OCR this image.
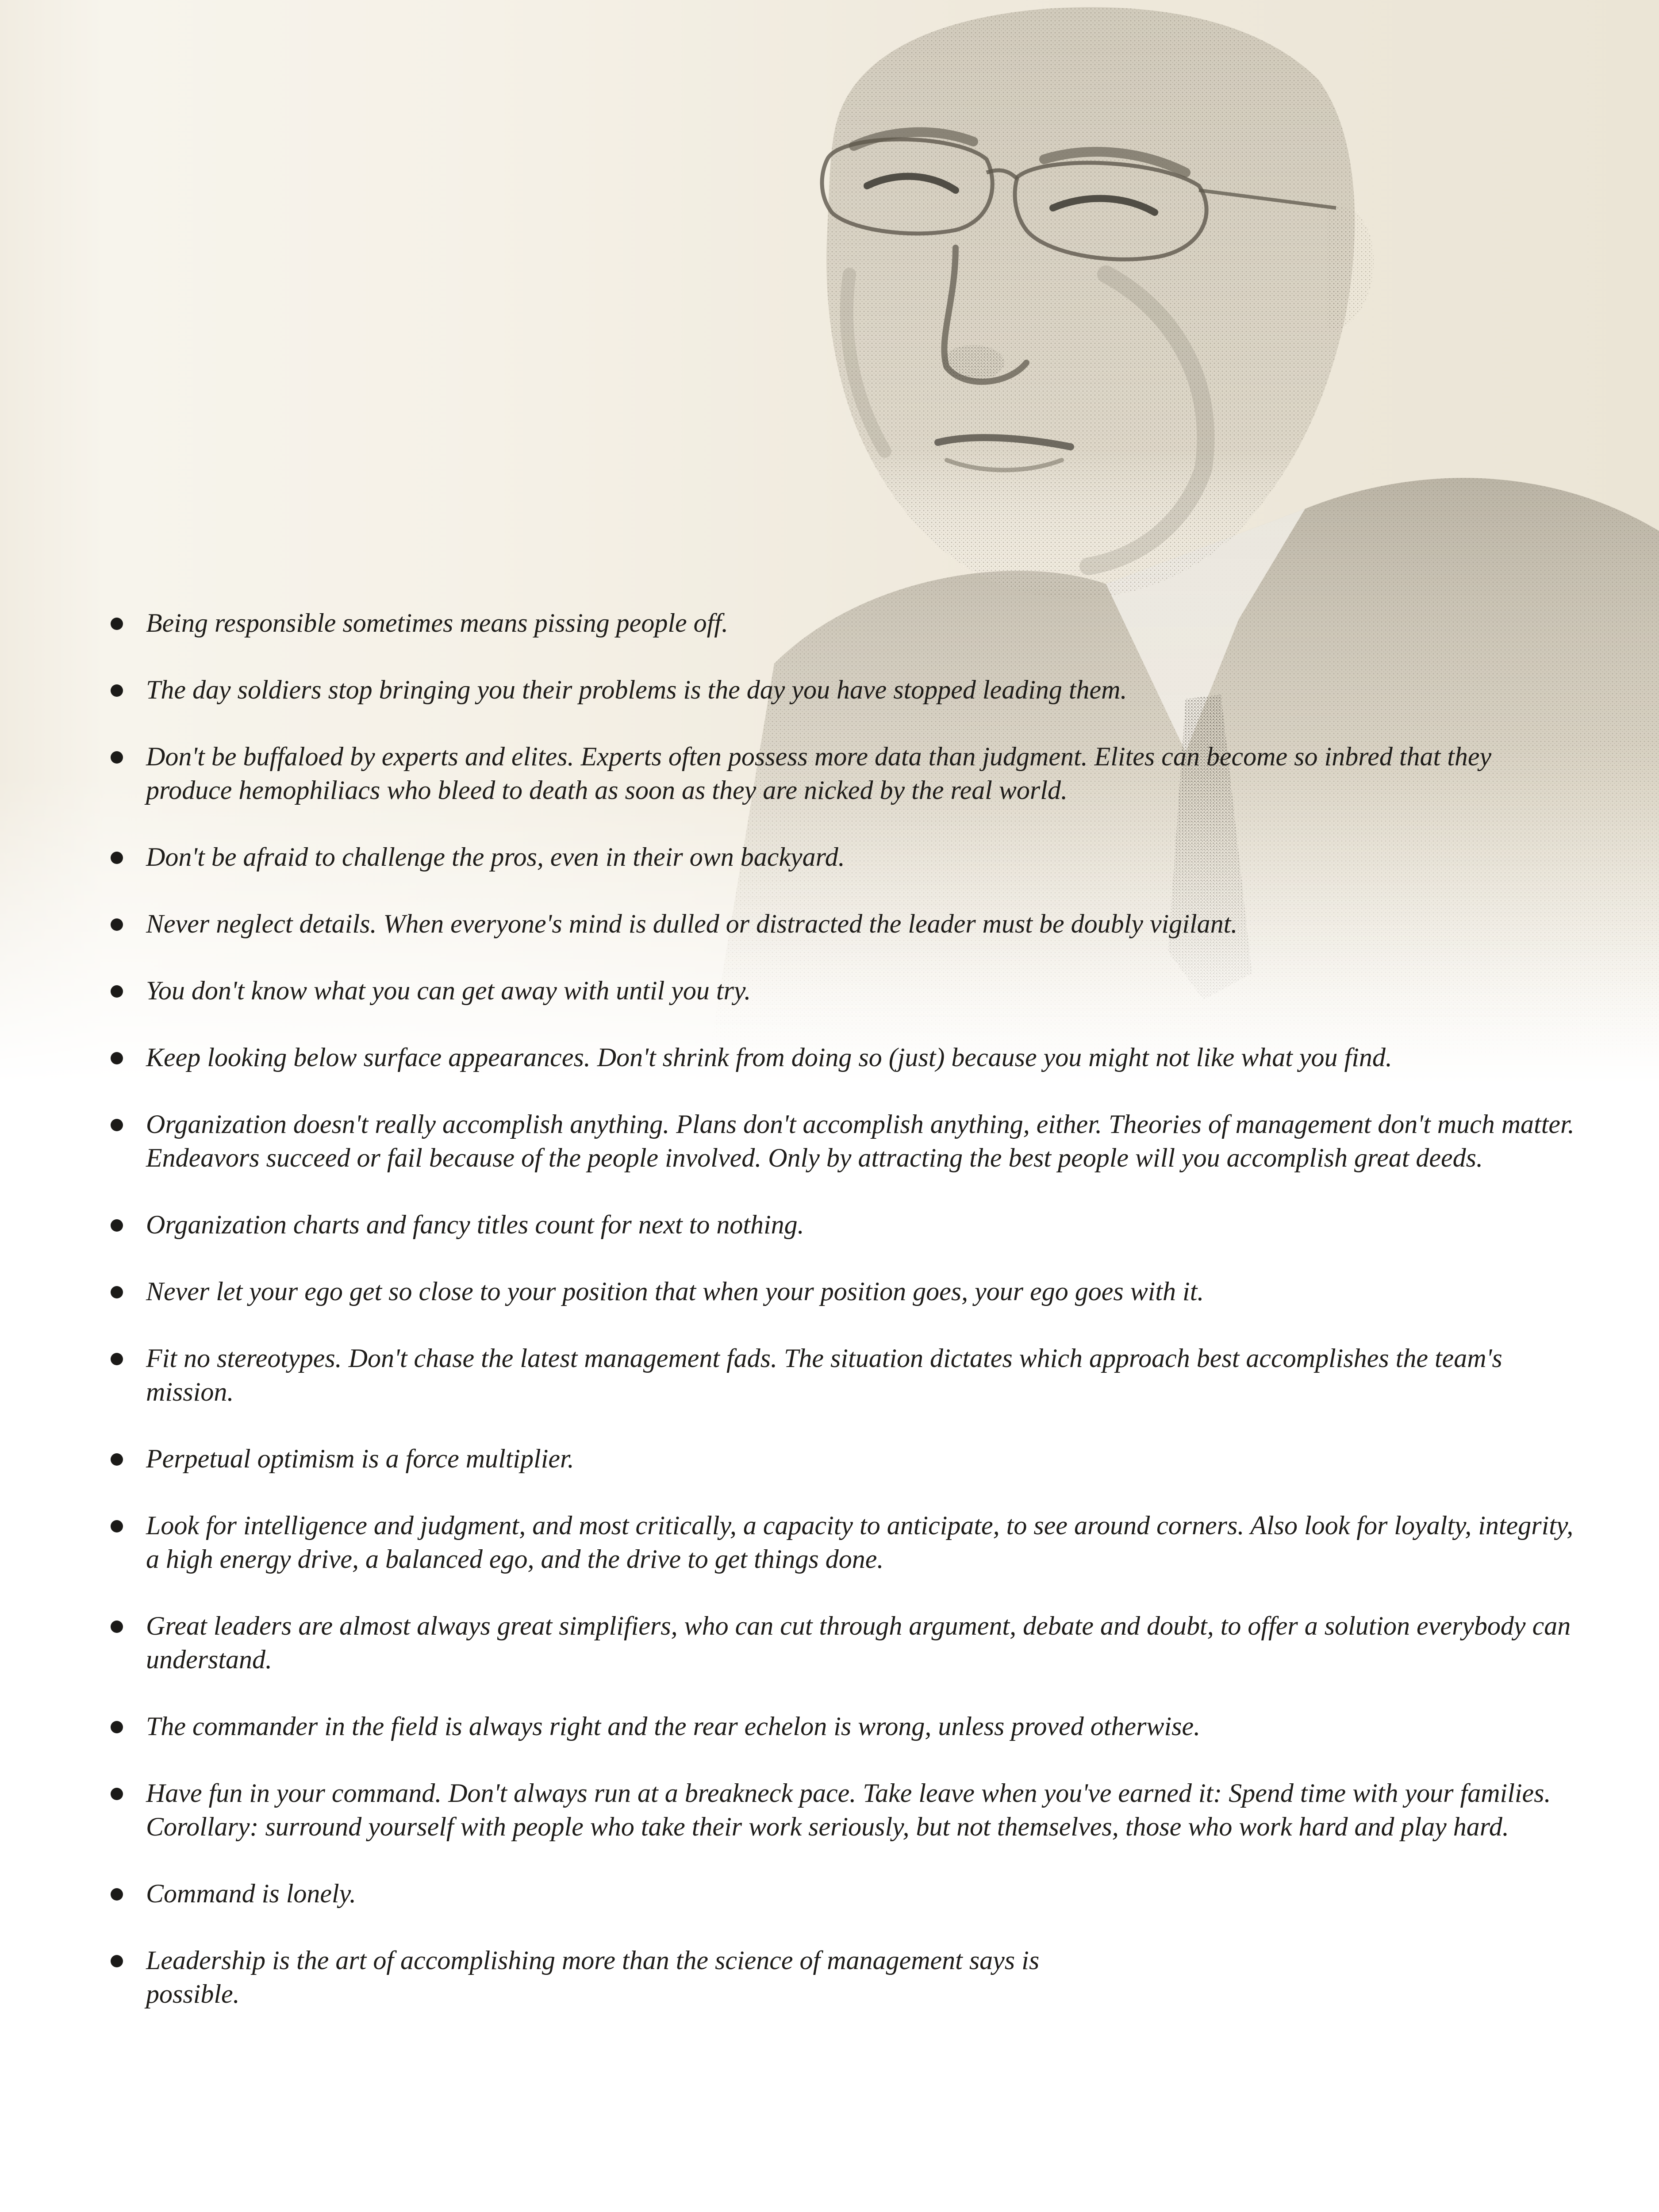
Being responsible sometimes means pissing people off.
The day soldiers stop bringing you their problems is the day you have stopped leading them.
Don't be buffaloed by experts and elites. Experts often possess more data than judgment. Elites can become so inbred that they produce hemophiliacs who bleed to death as soon as they are nicked by the real world.
Don't be afraid to challenge the pros, even in their own backyard.
Never neglect details. When everyone's mind is dulled or distracted the leader must be doubly vigilant.
You don't know what you can get away with until you try.
Keep looking below surface appearances. Don't shrink from doing so (just) because you might not like what you find.
Organization doesn't really accomplish anything. Plans don't accomplish anything, either. Theories of management don't much matter. Endeavors succeed or fail because of the people involved. Only by attracting the best people will you accomplish great deeds.
Organization charts and fancy titles count for next to nothing.
Never let your ego get so close to your position that when your position goes, your ego goes with it.
Fit no stereotypes. Don't chase the latest management fads. The situation dictates which approach best accomplishes the team's mission.
Perpetual optimism is a force multiplier.
Look for intelligence and judgment, and most critically, a capacity to anticipate, to see around corners. Also look for loyalty, integrity, a high energy drive, a balanced ego, and the drive to get things done.
Great leaders are almost always great simplifiers, who can cut through argument, debate and doubt, to offer a solution everybody can understand.
The commander in the field is always right and the rear echelon is wrong, unless proved otherwise.
Have fun in your command. Don't always run at a breakneck pace. Take leave when you've earned it: Spend time with your families. Corollary: surround yourself with people who take their work seriously, but not themselves, those who work hard and play hard.
Command is lonely.
Leadership is the art of accomplishing more than the science of management says is possible.
